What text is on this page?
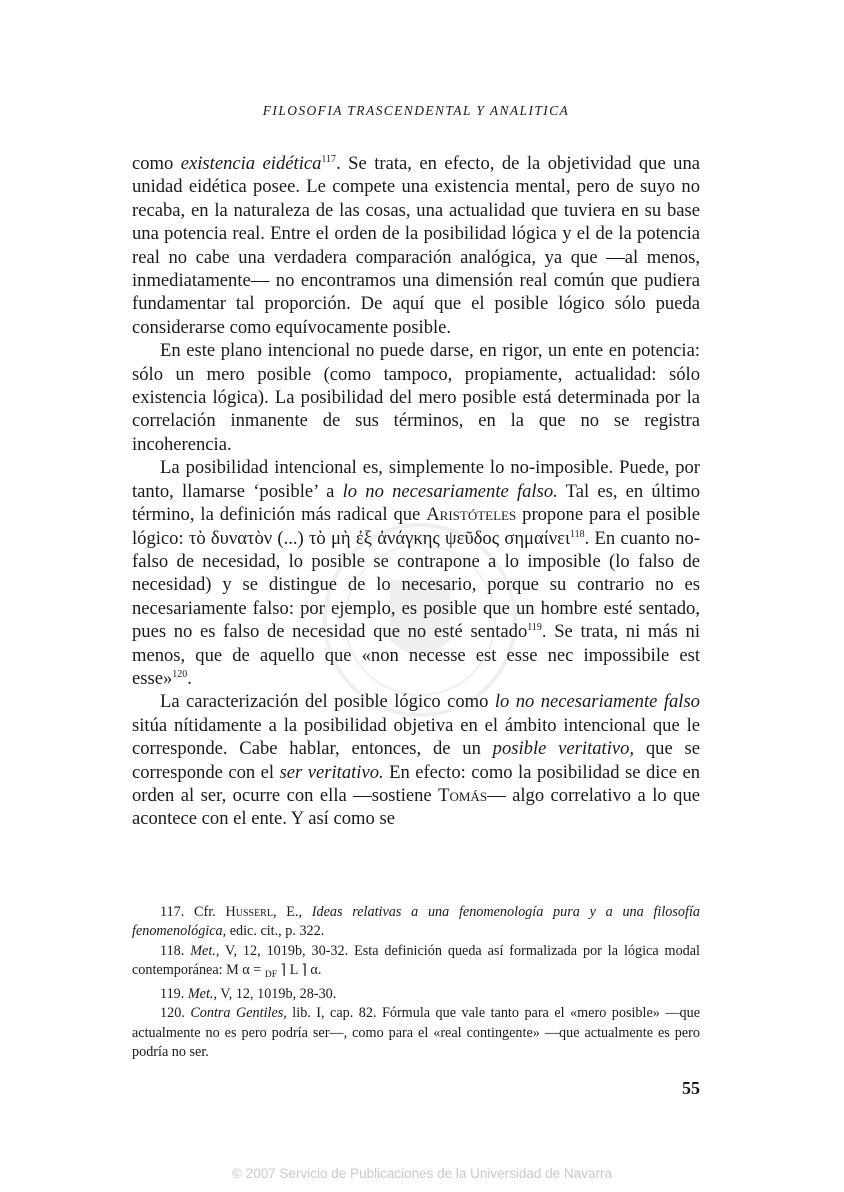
FILOSOFIA TRASCENDENTAL Y ANALITICA

como existencia eidética$^{117}$. Se trata, en efecto, de la objetividad que una unidad eidética posee. Le compete una existencia mental, pero de suyo no recaba, en la naturaleza de las cosas, una actualidad que tuviera en su base una potencia real. Entre el orden de la posibilidad lógica y el de la potencia real no cabe una verdadera comparación analógica, ya que —al menos, inmediatamente— no encontramos una dimensión real común que pudiera fundamentar tal proporción. De aquí que el posible lógico sólo pueda considerarse como equívocamente posible.

En este plano intencional no puede darse, en rigor, un ente en potencia: sólo un mero posible (como tampoco, propiamente, actualidad: sólo existencia lógica). La posibilidad del mero posible está determinada por la correlación inmanente de sus términos, en la que no se registra incoherencia.

La posibilidad intencional es, simplemente lo no-imposible. Puede, por tanto, llamarse ‘posible’ a lo no necesariamente falso. Tal es, en último término, la definición más radical que Aristóteles propone para el posible lógico: τὸ δυνατὸν (...) τὸ μὴ ἐξ ἀνάγκης ψεῦδος σημαίνει$^{118}$. En cuanto no-falso de necesidad, lo posible se contrapone a lo imposible (lo falso de necesidad) y se distingue de lo necesario, porque su contrario no es necesariamente falso: por ejemplo, es posible que un hombre esté sentado, pues no es falso de necesidad que no esté sentado$^{119}$. Se trata, ni más ni menos, que de aquello que «non necesse est esse nec impossibile est esse»$^{120}$.

La caracterización del posible lógico como lo no necesariamente falso sitúa nítidamente a la posibilidad objetiva en el ámbito intencional que le corresponde. Cabe hablar, entonces, de un posible veritativo, que se corresponde con el ser veritativo. En efecto: como la posibilidad se dice en orden al ser, ocurre con ella —sostiene Tomás— algo correlativo a lo que acontece con el ente. Y así como se

117. Cfr. Husserl, E., Ideas relativas a una fenomenología pura y a una filosofía fenomenológica, edic. cit., p. 322.

118. Met., V, 12, 1019b, 30-32. Esta definición queda así formalizada por la lógica modal contemporánea: M α = $_{DF}$ ⌉ L ⌉ α.

119. Met., V, 12, 1019b, 28-30.

120. Contra Gentiles, lib. I, cap. 82. Fórmula que vale tanto para el «mero posible» —que actualmente no es pero podría ser—, como para el «real contingente» —que actualmente es pero podría no ser.

55
© 2007 Servicio de Publicaciones de la Universidad de Navarra
